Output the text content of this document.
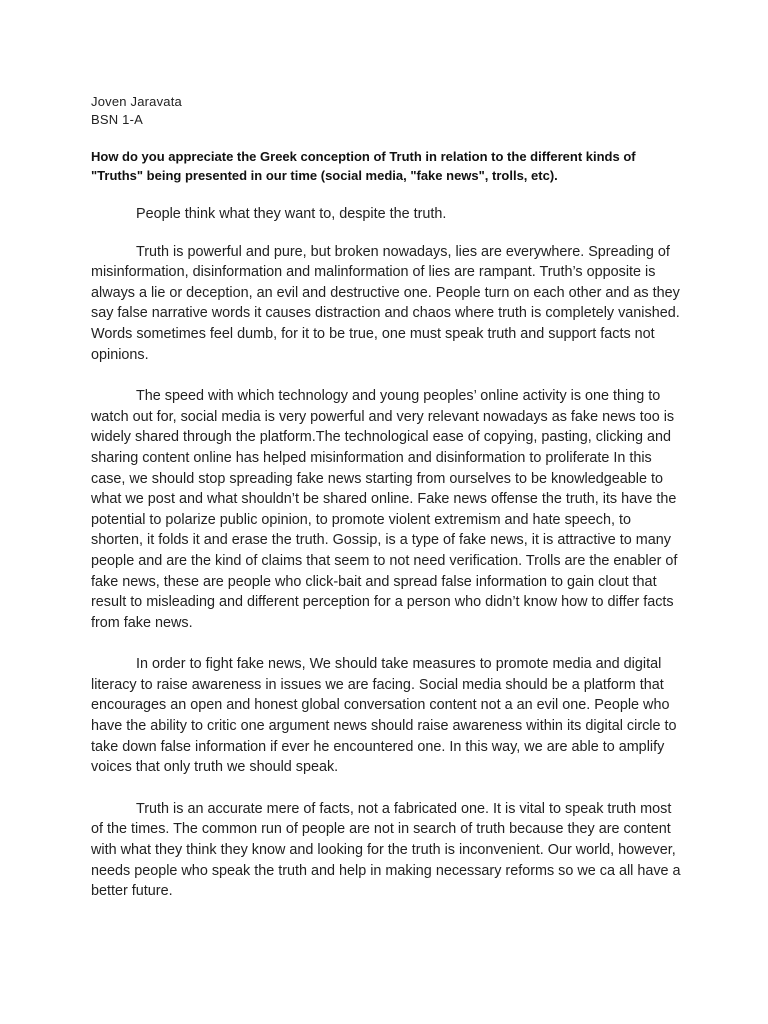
Joven Jaravata
BSN 1-A
How do you appreciate the Greek conception of Truth in relation to the different kinds of "Truths" being presented in our time (social media, "fake news", trolls, etc).

People think what they want to, despite the truth.

Truth is powerful and pure, but broken nowadays, lies are everywhere. Spreading of misinformation, disinformation and malinformation of lies are rampant. Truth’s opposite is always a lie or deception, an evil and destructive one. People turn on each other and as they say false narrative words it causes distraction and chaos where truth is completely vanished. Words sometimes feel dumb, for it to be true, one must speak truth and support facts not opinions.

The speed with which technology and young peoples’ online activity is one thing to watch out for, social media is very powerful and very relevant nowadays as fake news too is widely shared through the platform.The technological ease of copying, pasting, clicking and sharing content online has helped misinformation and disinformation to proliferate In this case, we should stop spreading fake news starting from ourselves to be knowledgeable to what we post and what shouldn’t be shared online. Fake news offense the truth, its have the potential to polarize public opinion, to promote violent extremism and hate speech, to shorten, it folds it and erase the truth. Gossip, is a type of fake news, it is attractive to many people and are the kind of claims that seem to not need verification. Trolls are the enabler of fake news, these are people who click-bait and spread false information to gain clout that result to misleading and different perception for a person who didn’t know how to differ facts from fake news.

In order to fight fake news, We should take measures to promote media and digital literacy to raise awareness in issues we are facing. Social media should be a platform that encourages an open and honest global conversation content not a an evil one. People who have the ability to critic one argument news should raise awareness within its digital circle to take down false information if ever he encountered one. In this way, we are able to amplify voices that only truth we should speak.

Truth is an accurate mere of facts, not a fabricated one. It is vital to speak truth most of the times. The common run of people are not in search of truth because they are content with what they think they know and looking for the truth is inconvenient. Our world, however, needs people who speak the truth and help in making necessary reforms so we ca all have a better future.
